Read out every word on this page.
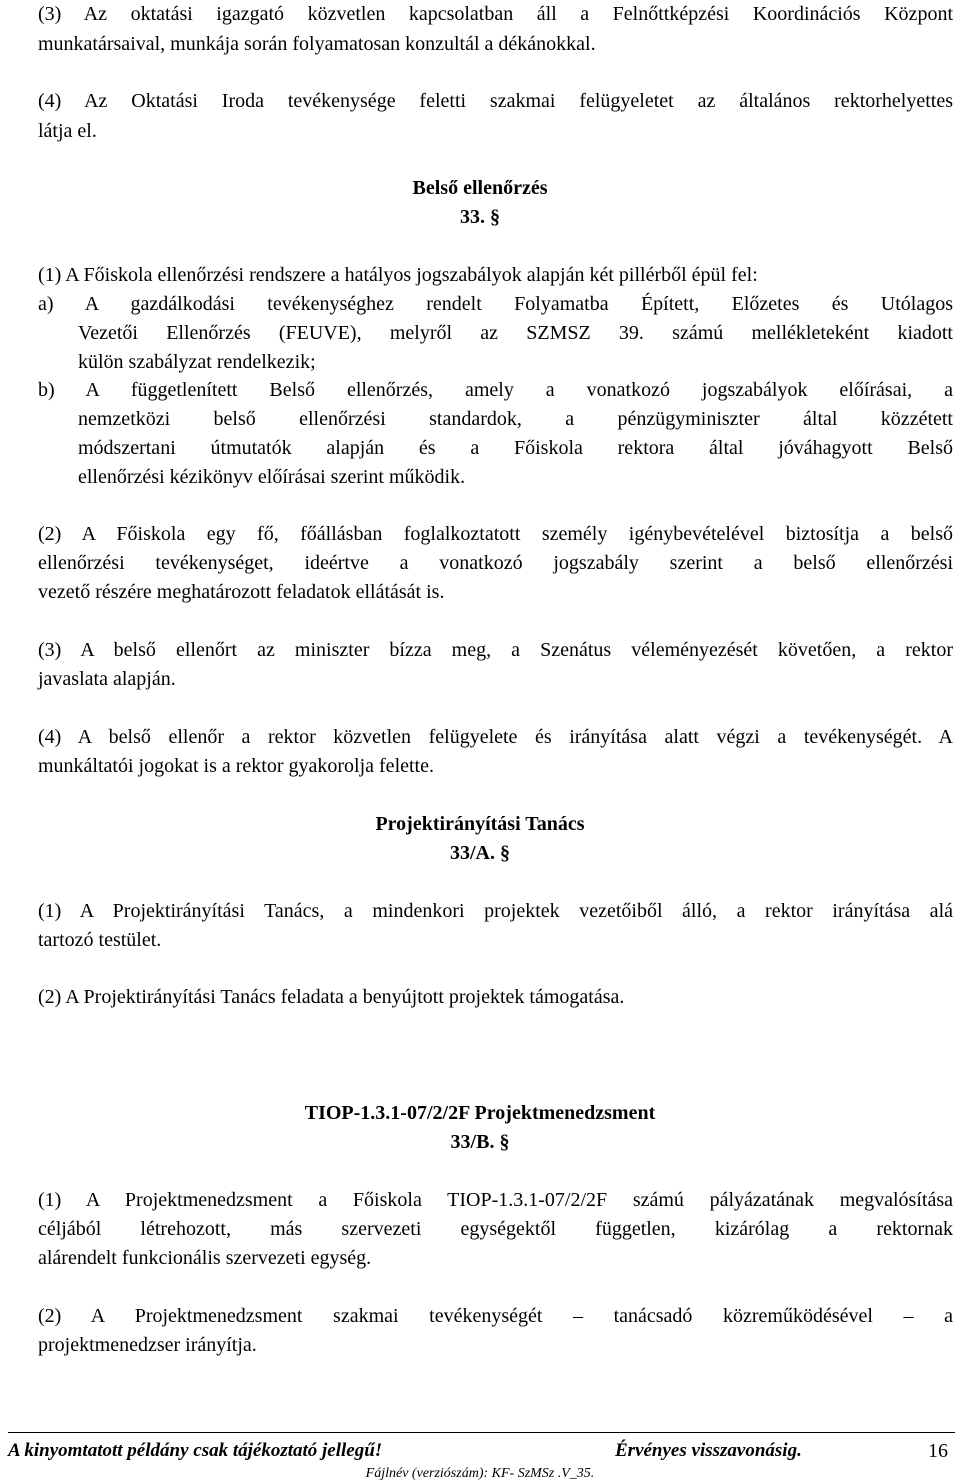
(3) Az oktatási igazgató közvetlen kapcsolatban áll a Felnőttképzési Koordinációs Központ
munkatársaival, munkája során folyamatosan konzultál a dékánokkal.
(4) Az Oktatási Iroda tevékenysége feletti szakmai felügyeletet az általános rektorhelyettes
látja el.
Belső ellenőrzés
33. §
(1) A Főiskola ellenőrzési rendszere a hatályos jogszabályok alapján két pillérből épül fel:
a) A gazdálkodási tevékenységhez rendelt Folyamatba Épített, Előzetes és Utólagos
Vezetői Ellenőrzés (FEUVE), melyről az SZMSZ 39. számú mellékleteként kiadott
külön szabályzat rendelkezik;
b) A függetlenített Belső ellenőrzés, amely a vonatkozó jogszabályok előírásai, a
nemzetközi belső ellenőrzési standardok, a pénzügyminiszter által közzétett
módszertani útmutatók alapján és a Főiskola rektora által jóváhagyott Belső
ellenőrzési kézikönyv előírásai szerint működik.
(2) A Főiskola egy fő, főállásban foglalkoztatott személy igénybevételével biztosítja a belső
ellenőrzési tevékenységet, ideértve a vonatkozó jogszabály szerint a belső ellenőrzési
vezető részére meghatározott feladatok ellátását is.
(3) A belső ellenőrt az miniszter bízza meg, a Szenátus véleményezését követően, a rektor
javaslata alapján.
(4) A belső ellenőr a rektor közvetlen felügyelete és irányítása alatt végzi a tevékenységét. A
munkáltatói jogokat is a rektor gyakorolja felette.
Projektirányítási Tanács
33/A. §
(1) A Projektirányítási Tanács, a mindenkori projektek vezetőiből álló, a rektor irányítása alá
tartozó testület.
(2) A Projektirányítási Tanács feladata a benyújtott projektek támogatása.
TIOP-1.3.1-07/2/2F Projektmenedzsment
33/B. §
(1) A Projektmenedzsment a Főiskola TIOP-1.3.1-07/2/2F számú pályázatának megvalósítása
céljából létrehozott, más szervezeti egységektől független, kizárólag a rektornak
alárendelt funkcionális szervezeti egység.
(2) A Projektmenedzsment szakmai tevékenységét – tanácsadó közreműködésével – a
projektmenedzser irányítja.
A kinyomtatott példány csak tájékoztató jellegű!	Érvényes visszavonásig.	16
Fájlnév (verziószám): KF- SzMSz .V_35.
